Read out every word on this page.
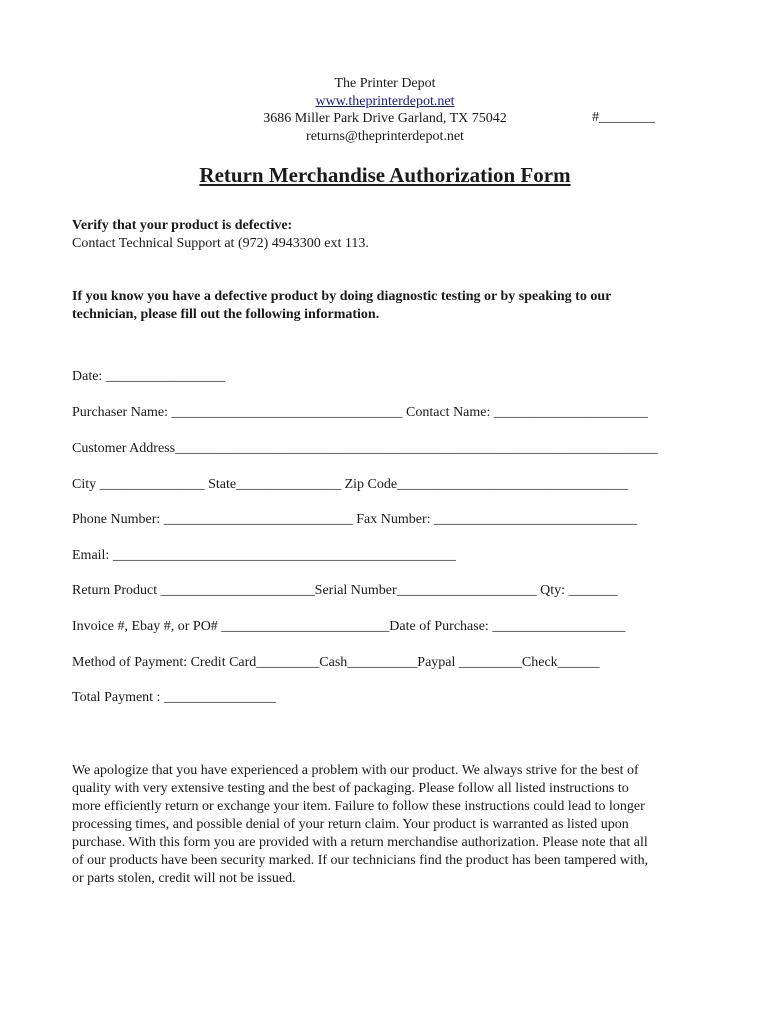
The Printer Depot
www.theprinterdepot.net
3686 Miller Park Drive Garland, TX 75042	#________
returns@theprinterdepot.net
Return Merchandise Authorization Form
Verify that your product is defective:
Contact Technical Support at (972) 4943300 ext 113.
If you know you have a defective product by doing diagnostic testing or by speaking to our
technician, please fill out the following information.
Date: _________________
Purchaser Name: _________________________________ Contact Name: ______________________
Customer Address_____________________________________________________________________
City _______________ State_______________ Zip Code_________________________________
Phone Number: ___________________________ Fax Number: _____________________________
Email: _________________________________________________
Return Product ______________________Serial Number____________________ Qty: _______
Invoice #, Ebay #, or PO# ________________________Date of Purchase: ___________________
Method of Payment: Credit Card_________Cash__________Paypal _________Check______
Total Payment : ________________
We apologize that you have experienced a problem with our product. We always strive for the best of
quality with very extensive testing and the best of packaging. Please follow all listed instructions to
more efficiently return or exchange your item. Failure to follow these instructions could lead to longer
processing times, and possible denial of your return claim. Your product is warranted as listed upon
purchase. With this form you are provided with a return merchandise authorization. Please note that all
of our products have been security marked. If our technicians find the product has been tampered with,
or parts stolen, credit will not be issued.
